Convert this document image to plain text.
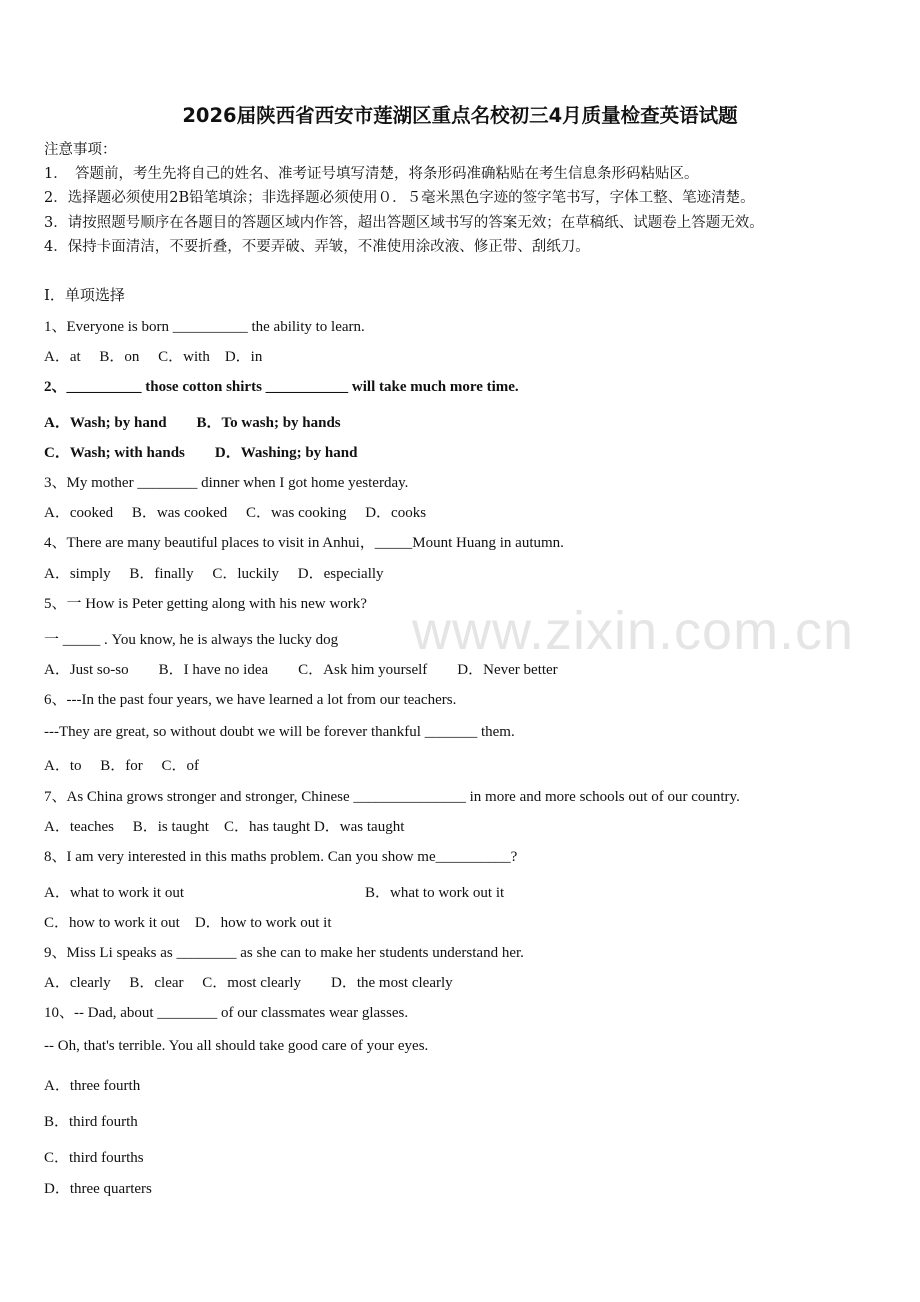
2026届陕西省西安市莲湖区重点名校初三4月质量检查英语试题
注意事项：
1．　答题前，考生先将自己的姓名、准考证号填写清楚，将条形码准确粘贴在考生信息条形码粘贴区。
2．选择题必须使用2B铅笔填涂；非选择题必须使用０．５毫米黑色字迹的签字笔书写，字体工整、笔迹清楚。
3．请按照题号顺序在各题目的答题区域内作答，超出答题区域书写的答案无效；在草稿纸、试题卷上答题无效。
4．保持卡面清洁，不要折叠，不要弄破、弄皱，不准使用涂改液、修正带、刮纸刀。
Ⅰ．单项选择
1、Everyone is born __________ the ability to learn.
A．at　 B．on　 C．with　D．in
2、__________ those cotton shirts ___________ will take much more time.
A．Wash; by hand　　B．To wash; by hands
C．Wash; with hands　　D．Washing; by hand
3、My mother ________ dinner when I got home yesterday.
A．cooked　 B．was cooked　 C．was cooking　 D．cooks
4、There are many beautiful places to visit in Anhui，_____Mount Huang in autumn.
A．simply　 B．finally　 C．luckily　 D．especially
5、一 How is Peter getting along with his new work?
一 _____ . You know, he is always the lucky dog
A．Just so-so　　B．I have no idea　　C．Ask him yourself　　D．Never better
6、---In the past four years, we have learned a lot from our teachers.
---They are great, so without doubt we will be forever thankful _______ them.
A．to　 B．for　 C．of
7、As China grows stronger and stronger, Chinese _______________ in more and more schools out of our country.
A．teaches　 B．is taught　C．has taught D．was taught
8、I am very interested in this maths problem. Can you show me__________?
A．what to work it out	B．what to work out it
C．how to work it out　D．how to work out it
9、Miss Li speaks as ________ as she can to make her students understand her.
A．clearly　 B．clear　 C．most clearly　　D．the most clearly
10、-- Dad, about ________ of our classmates wear glasses.
-- Oh, that's terrible. You all should take good care of your eyes.
A．three fourth
B．third fourth
C．third fourths
D．three quarters
www.zixin.com.cn
